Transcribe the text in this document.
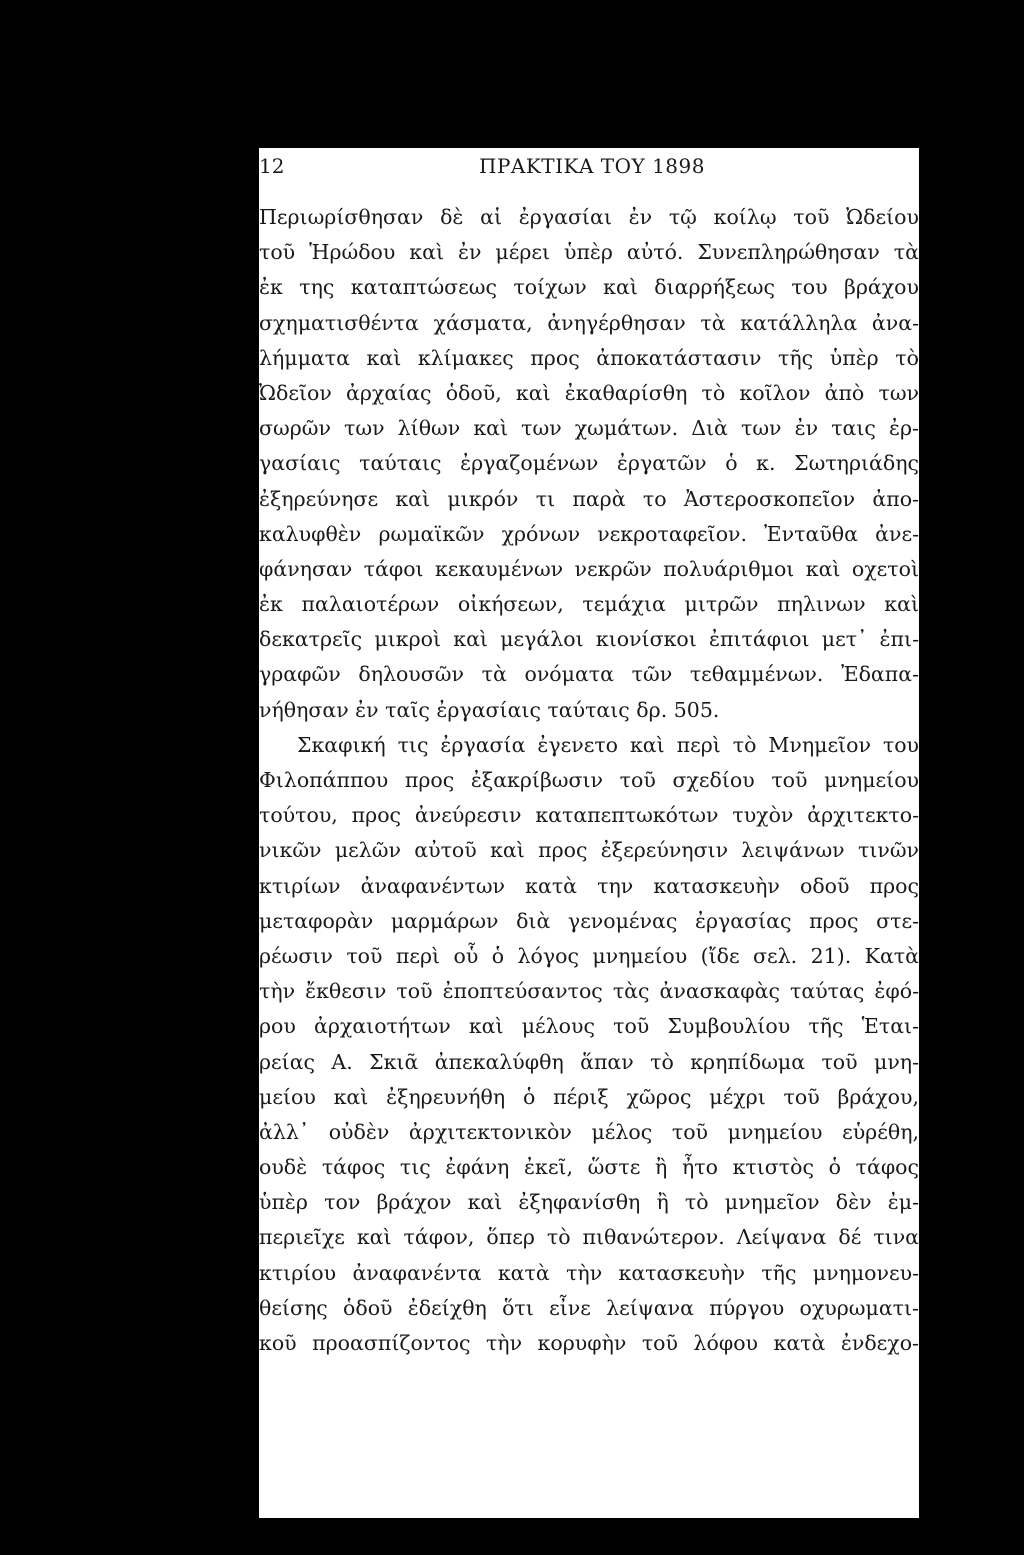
12	ΠΡΑΚΤΙΚΑ ΤΟΥ 1898
Περιωρίσθησαν δὲ αἱ ἐργασίαι ἐν τῷ κοίλῳ τοῦ Ὠδείου
τοῦ Ἡρώδου καὶ ἐν μέρει ὑπὲρ αὐτό. Συνεπληρώθησαν τὰ
ἐκ της καταπτώσεως τοίχων καὶ διαρρήξεως του βράχου
σχηματισθέντα χάσματα, ἀνηγέρθησαν τὰ κατάλληλα ἀνα-
λήμματα καὶ κλίμακες προς ἀποκατάστασιν τῆς ὑπὲρ τὸ
Ὠδεῖον ἀρχαίας ὁδοῦ, καὶ ἐκαθαρίσθη τὸ κοῖλον ἀπὸ των
σωρῶν των λίθων καὶ των χωμάτων. Διὰ των ἐν ταις ἐρ-
γασίαις ταύταις ἐργαζομένων ἐργατῶν ὁ κ. Σωτηριάδης
ἐξηρεύνησε καὶ μικρόν τι παρὰ το Ἀστεροσκοπεῖον ἀπο-
καλυφθὲν ρωμαϊκῶν χρόνων νεκροταφεῖον. Ἐνταῦθα ἀνε-
φάνησαν τάφοι κεκαυμένων νεκρῶν πολυάριθμοι καὶ οχετοὶ
ἐκ παλαιοτέρων οἰκήσεων, τεμάχια μιτρῶν πηλινων καὶ
δεκατρεῖς μικροὶ καὶ μεγάλοι κιονίσκοι ἐπιτάφιοι μετ᾽ ἐπι-
γραφῶν δηλουσῶν τὰ ονόματα τῶν τεθαμμένων. Ἐδαπα-
νήθησαν ἐν ταῖς ἐργασίαις ταύταις δρ. 505.
Σκαφική τις ἐργασία ἐγενετο καὶ περὶ τὸ Μνημεῖον του
Φιλοπάππου προς ἐξακρίβωσιν τοῦ σχεδίου τοῦ μνημείου
τούτου, προς ἀνεύρεσιν καταπεπτωκότων τυχὸν ἀρχιτεκτο-
νικῶν μελῶν αὐτοῦ καὶ προς ἐξερεύνησιν λειψάνων τινῶν
κτιρίων ἀναφανέντων κατὰ την κατασκευὴν οδοῦ προς
μεταφορὰν μαρμάρων διὰ γενομένας ἐργασίας προς στε-
ρέωσιν τοῦ περὶ οὗ ὁ λόγος μνημείου (ἴδε σελ. 21). Κατὰ
τὴν ἔκθεσιν τοῦ ἐποπτεύσαντος τὰς ἀνασκαφὰς ταύτας ἐφό-
ρου ἀρχαιοτήτων καὶ μέλους τοῦ Συμβουλίου τῆς Ἑται-
ρείας Α. Σκιᾶ ἀπεκαλύφθη ἅπαν τὸ κρηπίδωμα τοῦ μνη-
μείου καὶ ἐξηρευνήθη ὁ πέριξ χῶρος μέχρι τοῦ βράχου,
ἀλλ᾽ οὐδὲν ἀρχιτεκτονικὸν μέλος τοῦ μνημείου εὑρέθη,
ουδὲ τάφος τις ἐφάνη ἐκεῖ, ὥστε ἢ ἦτο κτιστὸς ὁ τάφος
ὑπὲρ τον βράχον καὶ ἐξηφανίσθη ἢ τὸ μνημεῖον δὲν ἐμ-
περιεῖχε καὶ τάφον, ὅπερ τὸ πιθανώτερον. Λείψανα δέ τινα
κτιρίου ἀναφανέντα κατὰ τὴν κατασκευὴν τῆς μνημονευ-
θείσης ὁδοῦ ἐδείχθη ὅτι εἶνε λείψανα πύργου οχυρωματι-
κοῦ προασπίζοντος τὴν κορυφὴν τοῦ λόφου κατὰ ἐνδεχο-
